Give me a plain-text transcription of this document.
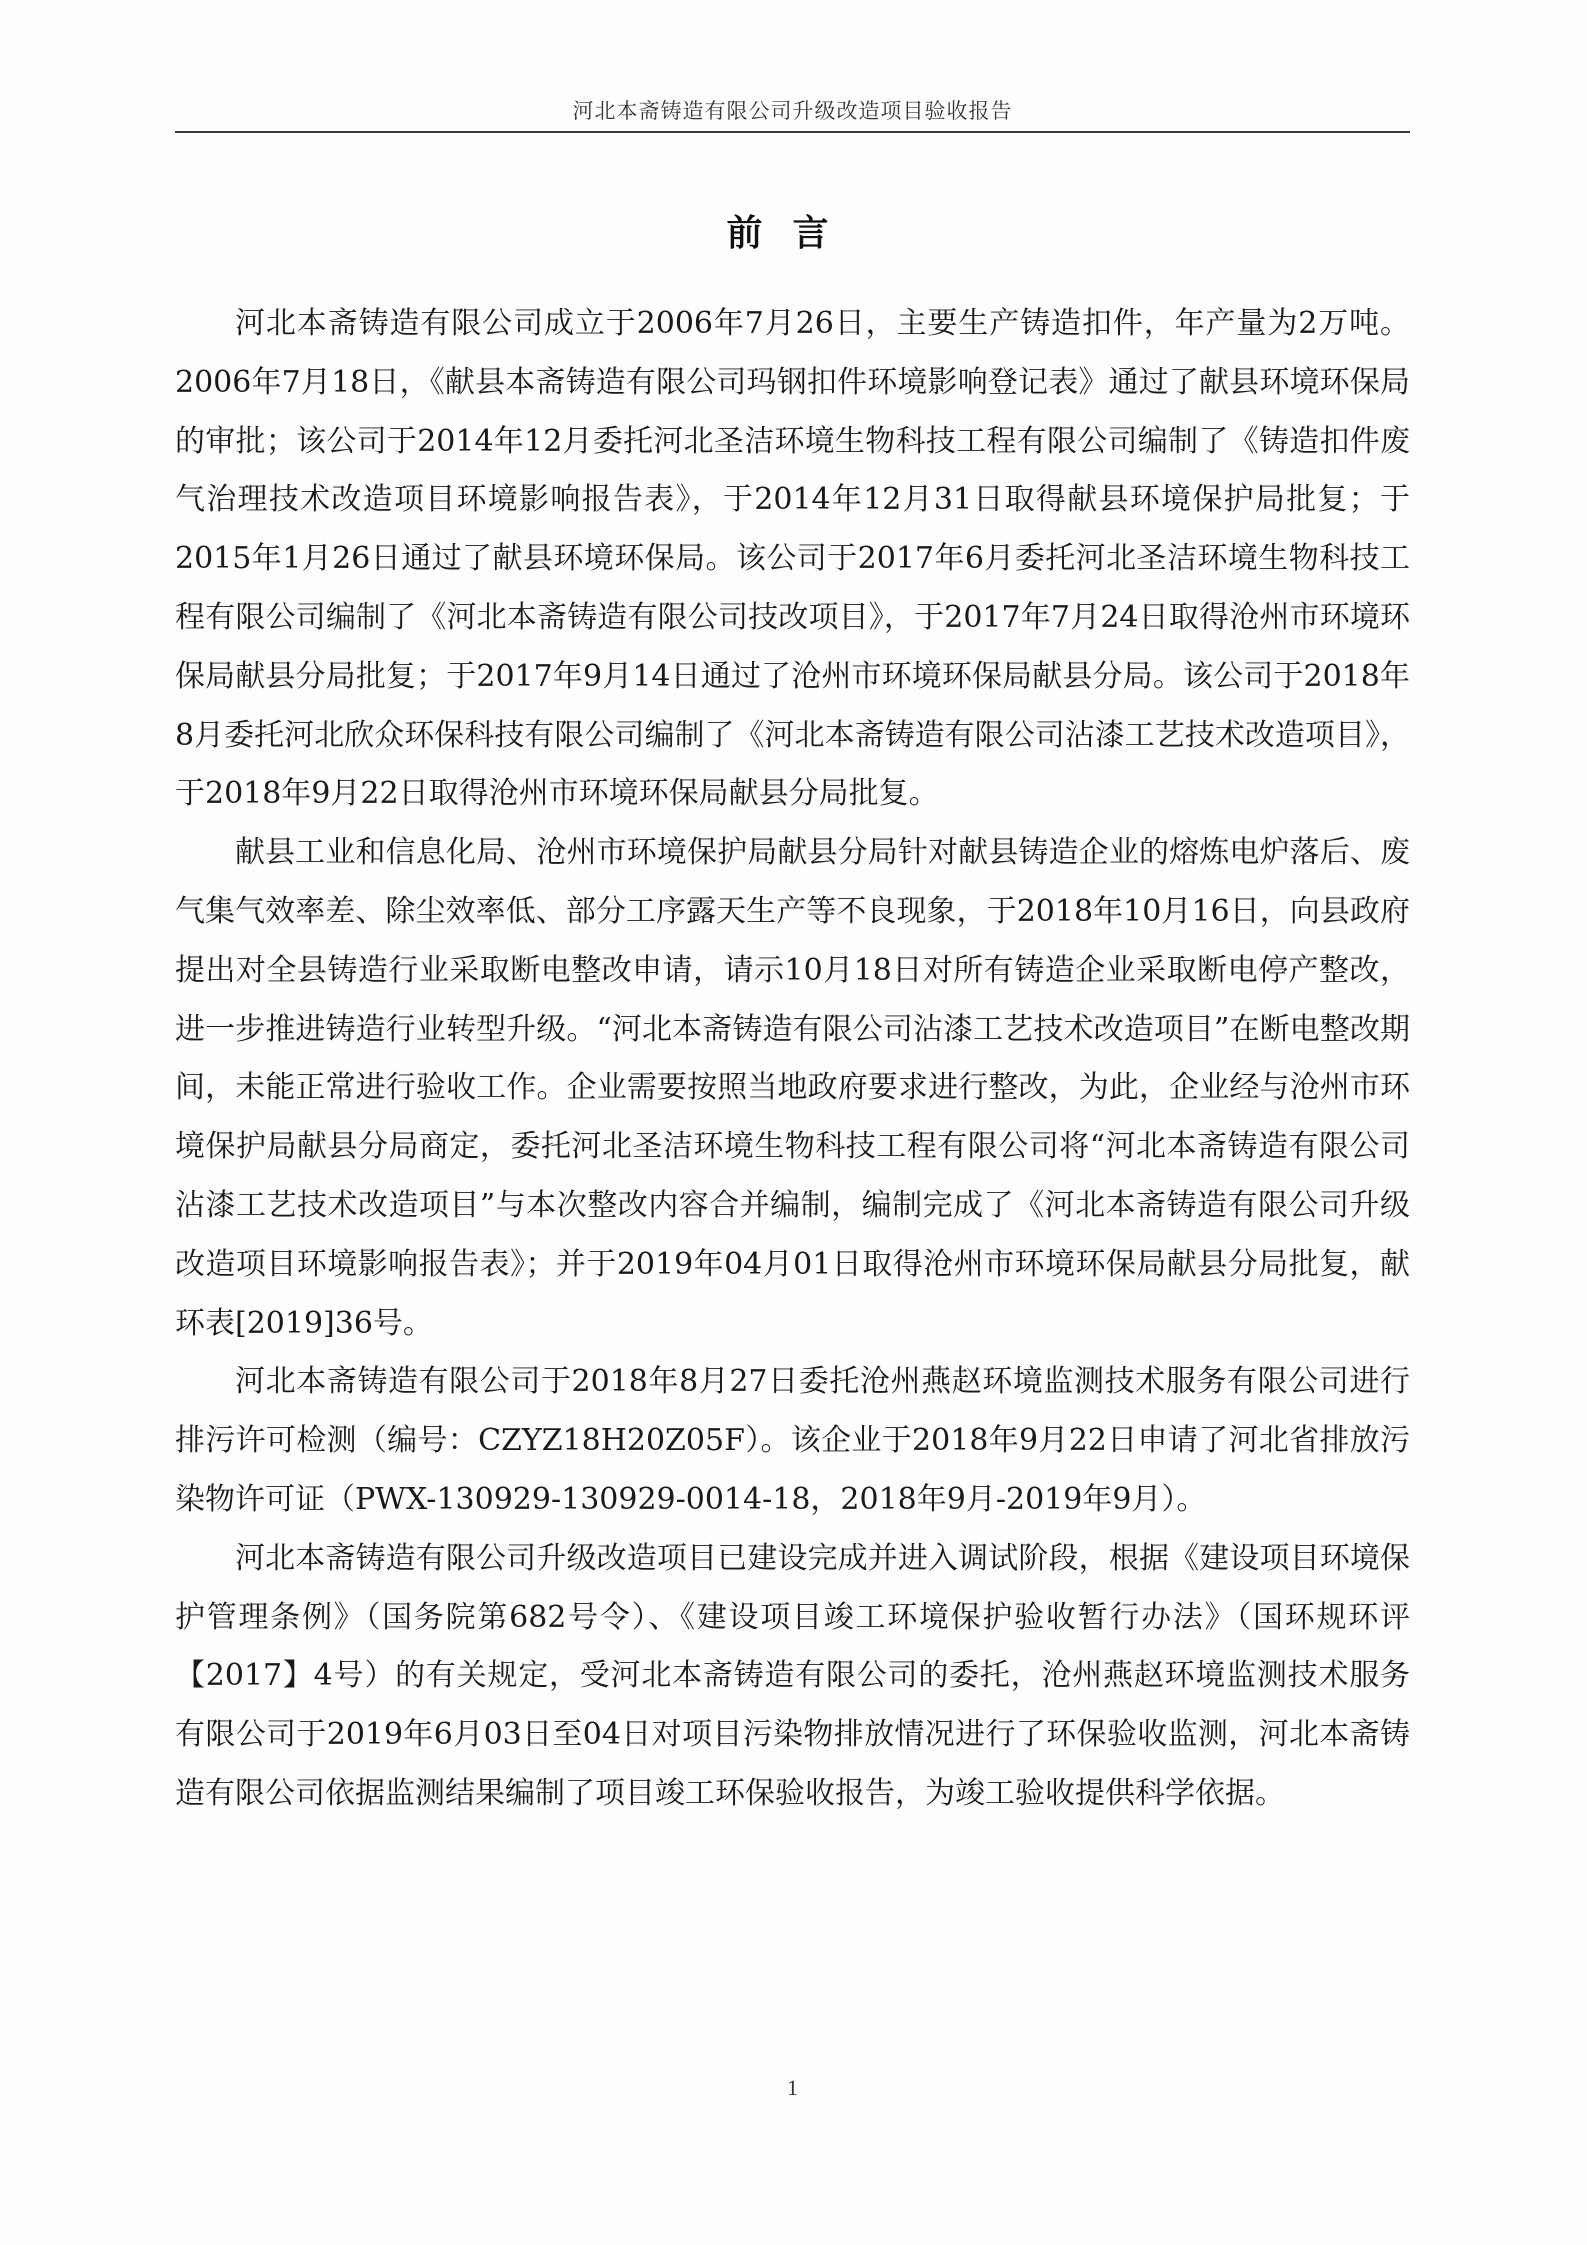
河北本斋铸造有限公司升级改造项目验收报告
前言

河北本斋铸造有限公司成立于2006年7月26日，主要生产铸造扣件，年产量为2万吨。2006年7月18日，《献县本斋铸造有限公司玛钢扣件环境影响登记表》通过了献县环境环保局的审批；该公司于2014年12月委托河北圣洁环境生物科技工程有限公司编制了《铸造扣件废气治理技术改造项目环境影响报告表》，于2014年12月31日取得献县环境保护局批复；于2015年1月26日通过了献县环境环保局。该公司于2017年6月委托河北圣洁环境生物科技工程有限公司编制了《河北本斋铸造有限公司技改项目》，于2017年7月24日取得沧州市环境环保局献县分局批复；于2017年9月14日通过了沧州市环境环保局献县分局。该公司于2018年8月委托河北欣众环保科技有限公司编制了《河北本斋铸造有限公司沾漆工艺技术改造项目》，于2018年9月22日取得沧州市环境环保局献县分局批复。

献县工业和信息化局、沧州市环境保护局献县分局针对献县铸造企业的熔炼电炉落后、废气集气效率差、除尘效率低、部分工序露天生产等不良现象，于2018年10月16日，向县政府提出对全县铸造行业采取断电整改申请，请示10月18日对所有铸造企业采取断电停产整改，进一步推进铸造行业转型升级。“河北本斋铸造有限公司沾漆工艺技术改造项目”在断电整改期间，未能正常进行验收工作。企业需要按照当地政府要求进行整改，为此，企业经与沧州市环境保护局献县分局商定，委托河北圣洁环境生物科技工程有限公司将“河北本斋铸造有限公司沾漆工艺技术改造项目”与本次整改内容合并编制，编制完成了《河北本斋铸造有限公司升级改造项目环境影响报告表》；并于2019年04月01日取得沧州市环境环保局献县分局批复，献环表[2019]36号。

河北本斋铸造有限公司于2018年8月27日委托沧州燕赵环境监测技术服务有限公司进行排污许可检测（编号：CZYZ18H20Z05F）。该企业于2018年9月22日申请了河北省排放污染物许可证（PWX-130929-130929-0014-18，2018年9月-2019年9月）。

河北本斋铸造有限公司升级改造项目已建设完成并进入调试阶段，根据《建设项目环境保护管理条例》（国务院第682号令）、《建设项目竣工环境保护验收暂行办法》（国环规环评【2017】4号）的有关规定，受河北本斋铸造有限公司的委托，沧州燕赵环境监测技术服务有限公司于2019年6月03日至04日对项目污染物排放情况进行了环保验收监测，河北本斋铸造有限公司依据监测结果编制了项目竣工环保验收报告，为竣工验收提供科学依据。

1
